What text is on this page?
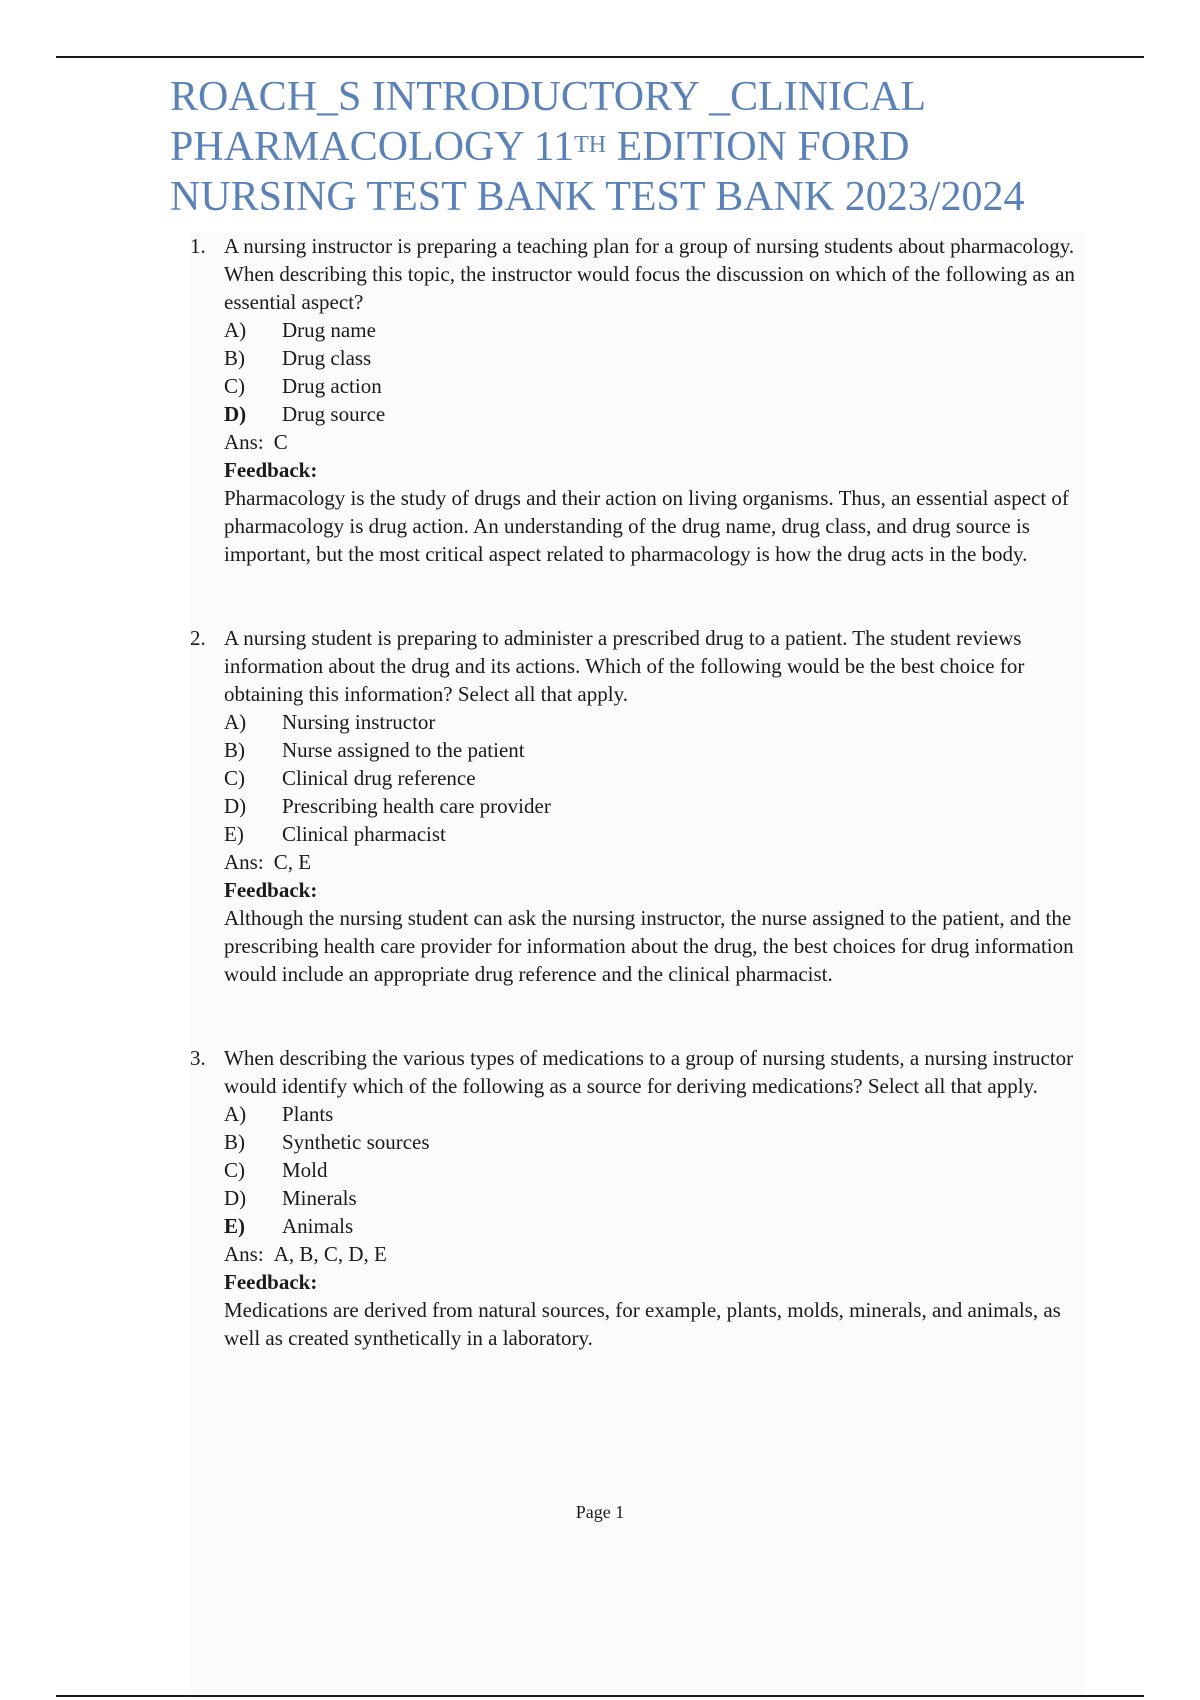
ROACH_S INTRODUCTORY _CLINICAL
PHARMACOLOGY 11TH EDITION FORD
NURSING TEST BANK TEST BANK 2023/2024
1. A nursing instructor is preparing a teaching plan for a group of nursing students about pharmacology. When describing this topic, the instructor would focus the discussion on which of the following as an essential aspect?

A)	Drug name
B)	Drug class
C)	Drug action
D)	Drug source

Ans: C

Feedback:

Pharmacology is the study of drugs and their action on living organisms. Thus, an essential aspect of pharmacology is drug action. An understanding of the drug name, drug class, and drug source is important, but the most critical aspect related to pharmacology is how the drug acts in the body.

2. A nursing student is preparing to administer a prescribed drug to a patient. The student reviews information about the drug and its actions. Which of the following would be the best choice for obtaining this information? Select all that apply.

A)	Nursing instructor
B)	Nurse assigned to the patient
C)	Clinical drug reference
D)	Prescribing health care provider
E)	Clinical pharmacist

Ans: C, E

Feedback:

Although the nursing student can ask the nursing instructor, the nurse assigned to the patient, and the prescribing health care provider for information about the drug, the best choices for drug information would include an appropriate drug reference and the clinical pharmacist.

3. When describing the various types of medications to a group of nursing students, a nursing instructor would identify which of the following as a source for deriving medications? Select all that apply.

A)	Plants
B)	Synthetic sources
C)	Mold
D)	Minerals
E)	Animals

Ans: A, B, C, D, E

Feedback:

Medications are derived from natural sources, for example, plants, molds, minerals, and animals, as well as created synthetically in a laboratory.

Page 1
